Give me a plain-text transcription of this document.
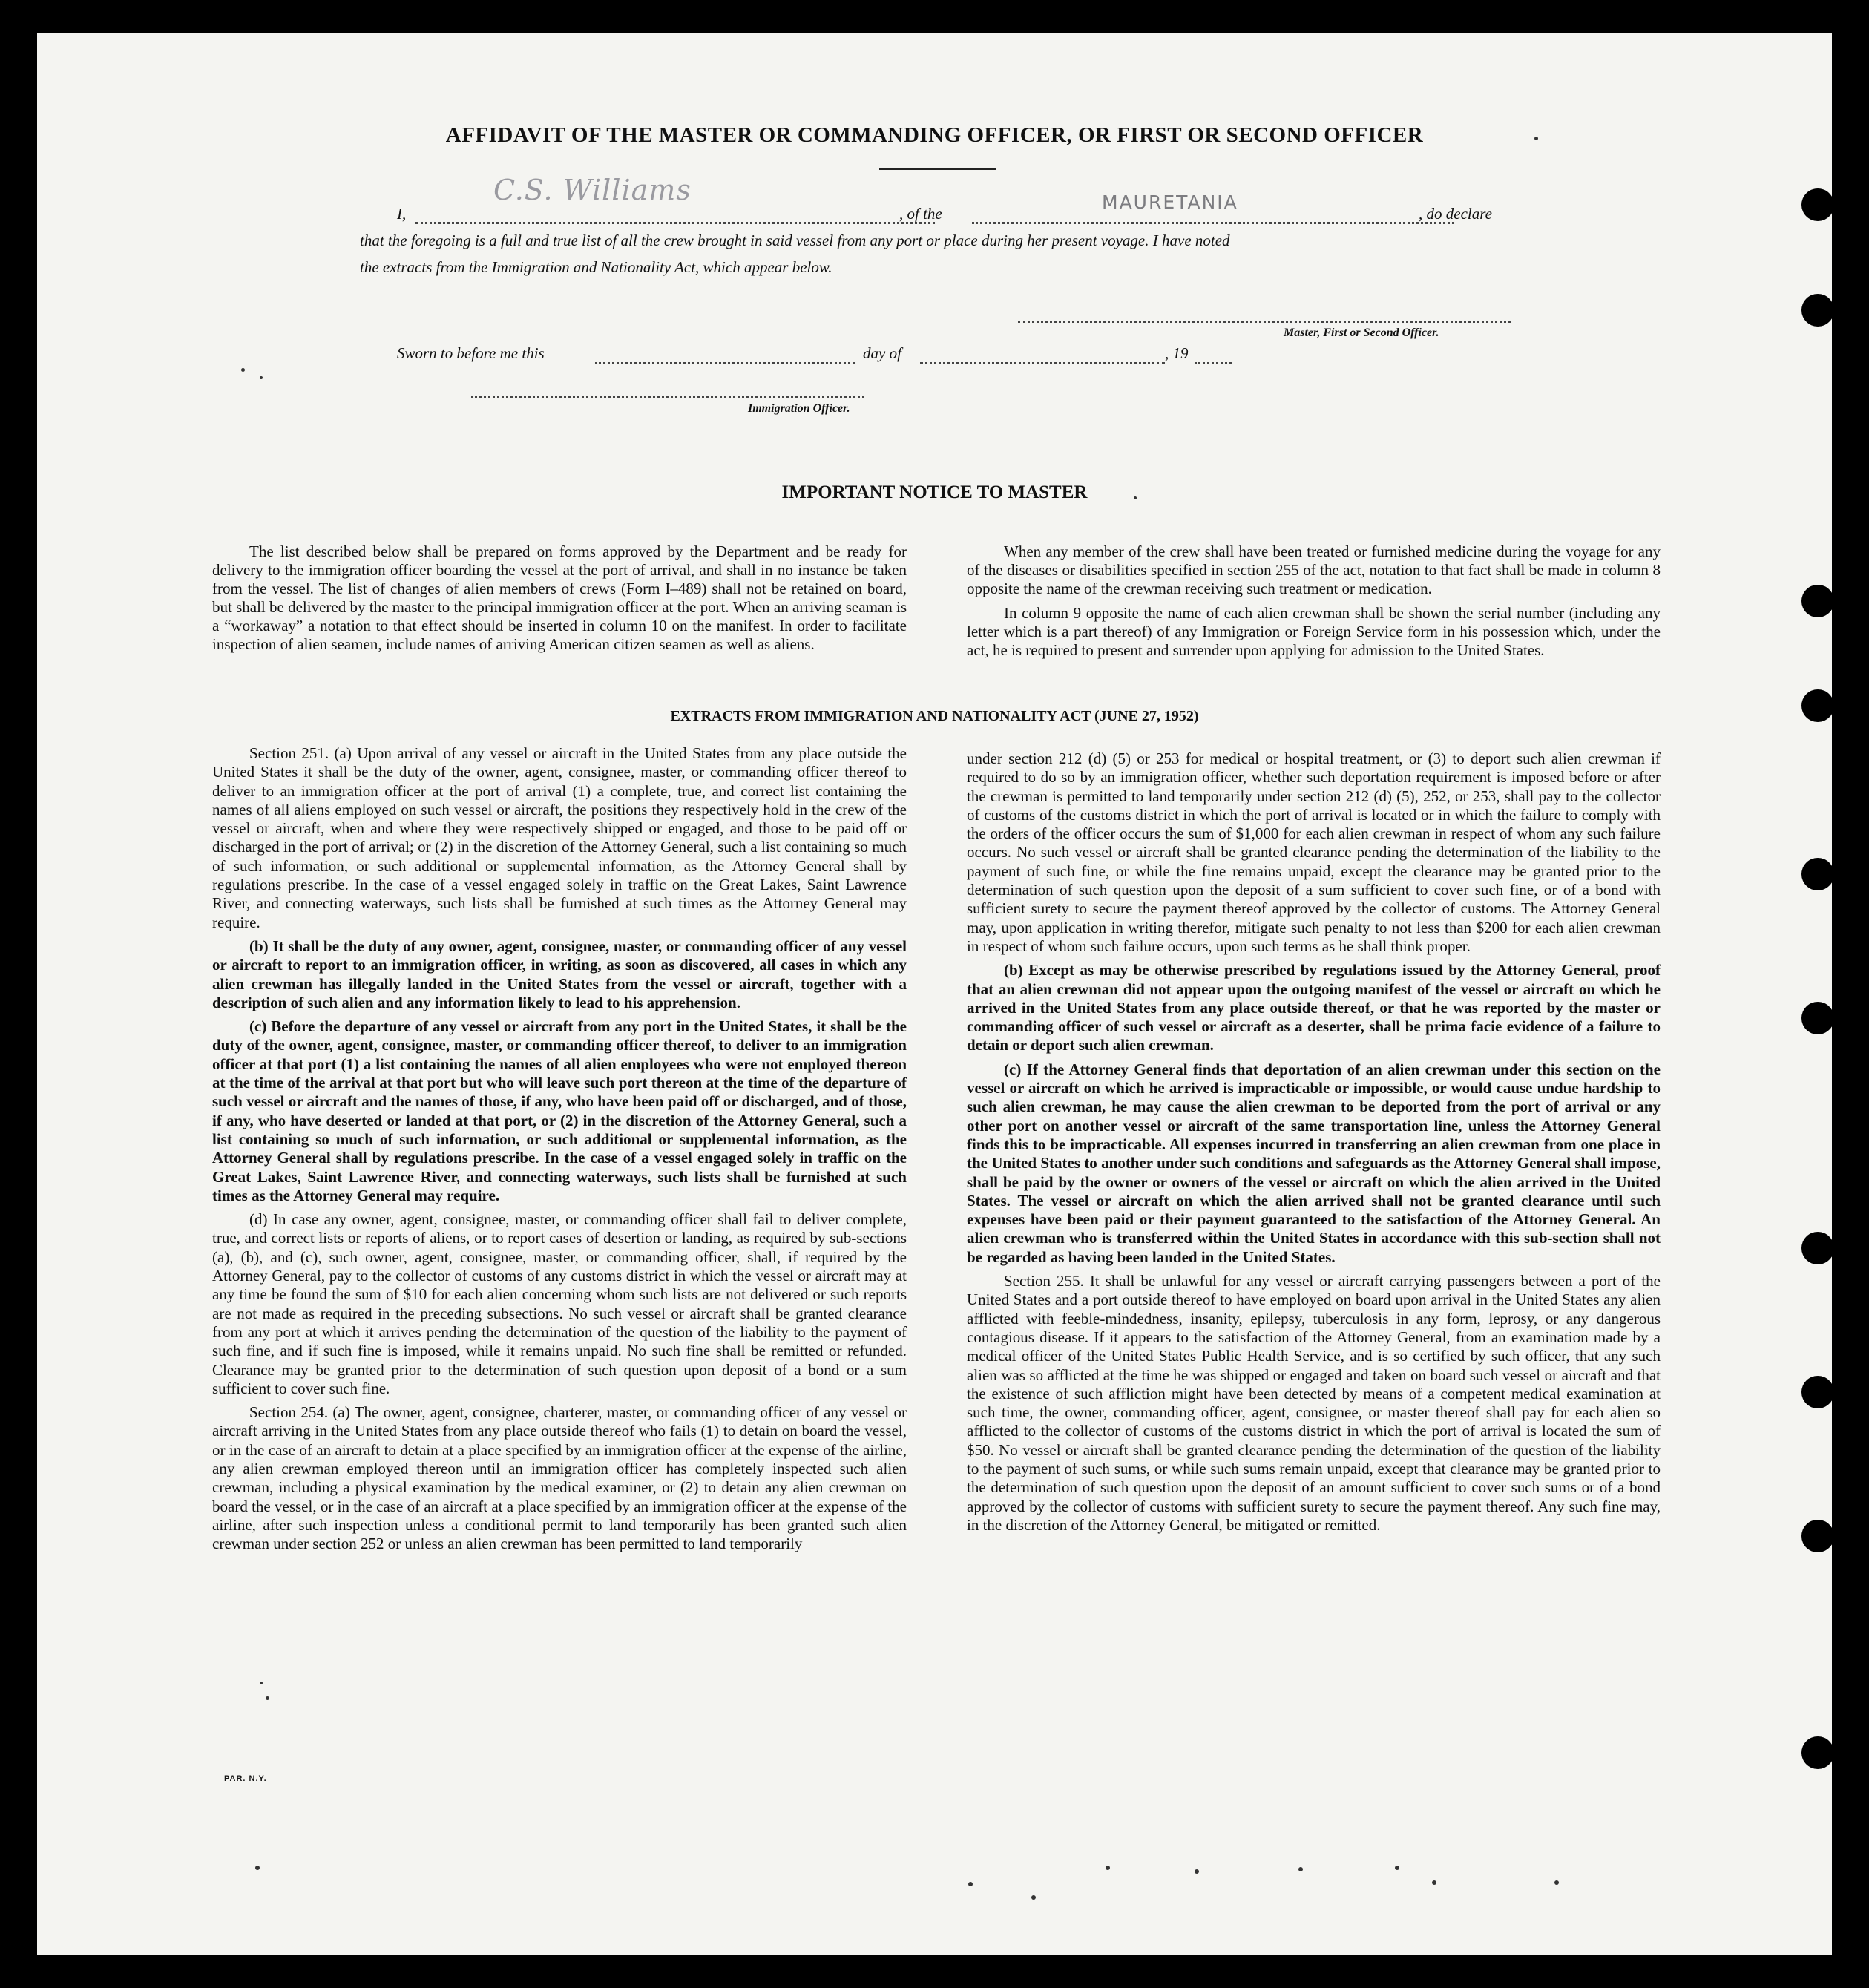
AFFIDAVIT OF THE MASTER OR COMMANDING OFFICER, OR FIRST OR SECOND OFFICER
I,
C.S. Williams
, of the
MAURETANIA
, do declare
that the foregoing is a full and true list of all the crew brought in said vessel from any port or place during her present voyage. I have noted
the extracts from the Immigration and Nationality Act, which appear below.
Master, First or Second Officer.
Sworn to before me this	day of	, 19
Immigration Officer.
IMPORTANT NOTICE TO MASTER

The list described below shall be prepared on forms approved by the Department and be ready for delivery to the immigration officer boarding the vessel at the port of arrival, and shall in no instance be taken from the vessel. The list of changes of alien members of crews (Form I–489) shall not be retained on board, but shall be delivered by the master to the principal immigration officer at the port. When an arriving seaman is a “workaway” a notation to that effect should be inserted in column 10 on the manifest. In order to facilitate inspection of alien seamen, include names of arriving American citizen seamen as well as aliens.

When any member of the crew shall have been treated or furnished medicine during the voyage for any of the diseases or disabilities specified in section 255 of the act, notation to that fact shall be made in column 8 opposite the name of the crewman receiving such treatment or medication.

In column 9 opposite the name of each alien crewman shall be shown the serial number (including any letter which is a part thereof) of any Immigration or Foreign Service form in his possession which, under the act, he is required to present and surrender upon applying for admission to the United States.

EXTRACTS FROM IMMIGRATION AND NATIONALITY ACT (JUNE 27, 1952)

Section 251. (a) Upon arrival of any vessel or aircraft in the United States from any place outside the United States it shall be the duty of the owner, agent, consignee, master, or commanding officer thereof to deliver to an immigration officer at the port of arrival (1) a complete, true, and correct list containing the names of all aliens employed on such vessel or aircraft, the positions they respectively hold in the crew of the vessel or aircraft, when and where they were respectively shipped or engaged, and those to be paid off or discharged in the port of arrival; or (2) in the discretion of the Attorney General, such a list containing so much of such information, or such additional or supplemental information, as the Attorney General shall by regulations prescribe. In the case of a vessel engaged solely in traffic on the Great Lakes, Saint Lawrence River, and connecting waterways, such lists shall be furnished at such times as the Attorney General may require.

(b) It shall be the duty of any owner, agent, consignee, master, or commanding officer of any vessel or aircraft to report to an immigration officer, in writing, as soon as discovered, all cases in which any alien crewman has illegally landed in the United States from the vessel or aircraft, together with a description of such alien and any information likely to lead to his apprehension.

(c) Before the departure of any vessel or aircraft from any port in the United States, it shall be the duty of the owner, agent, consignee, master, or commanding officer thereof, to deliver to an immigration officer at that port (1) a list containing the names of all alien employees who were not employed thereon at the time of the arrival at that port but who will leave such port thereon at the time of the departure of such vessel or aircraft and the names of those, if any, who have been paid off or discharged, and of those, if any, who have deserted or landed at that port, or (2) in the discretion of the Attorney General, such a list containing so much of such information, or such additional or supplemental information, as the Attorney General shall by regulations prescribe. In the case of a vessel engaged solely in traffic on the Great Lakes, Saint Lawrence River, and connecting waterways, such lists shall be furnished at such times as the Attorney General may require.

(d) In case any owner, agent, consignee, master, or commanding officer shall fail to deliver complete, true, and correct lists or reports of aliens, or to report cases of desertion or landing, as required by sub-sections (a), (b), and (c), such owner, agent, consignee, master, or commanding officer, shall, if required by the Attorney General, pay to the collector of customs of any customs district in which the vessel or aircraft may at any time be found the sum of $10 for each alien concerning whom such lists are not delivered or such reports are not made as required in the preceding subsections. No such vessel or aircraft shall be granted clearance from any port at which it arrives pending the determination of the question of the liability to the payment of such fine, and if such fine is imposed, while it remains unpaid. No such fine shall be remitted or refunded. Clearance may be granted prior to the determination of such question upon deposit of a bond or a sum sufficient to cover such fine.

Section 254. (a) The owner, agent, consignee, charterer, master, or commanding officer of any vessel or aircraft arriving in the United States from any place outside thereof who fails (1) to detain on board the vessel, or in the case of an aircraft to detain at a place specified by an immigration officer at the expense of the airline, any alien crewman employed thereon until an immigration officer has completely inspected such alien crewman, including a physical examination by the medical examiner, or (2) to detain any alien crewman on board the vessel, or in the case of an aircraft at a place specified by an immigration officer at the expense of the airline, after such inspection unless a conditional permit to land temporarily has been granted such alien crewman under section 252 or unless an alien crewman has been permitted to land temporarily

under section 212 (d) (5) or 253 for medical or hospital treatment, or (3) to deport such alien crewman if required to do so by an immigration officer, whether such deportation requirement is imposed before or after the crewman is permitted to land temporarily under section 212 (d) (5), 252, or 253, shall pay to the collector of customs of the customs district in which the port of arrival is located or in which the failure to comply with the orders of the officer occurs the sum of $1,000 for each alien crewman in respect of whom any such failure occurs. No such vessel or aircraft shall be granted clearance pending the determination of the liability to the payment of such fine, or while the fine remains unpaid, except the clearance may be granted prior to the determination of such question upon the deposit of a sum sufficient to cover such fine, or of a bond with sufficient surety to secure the payment thereof approved by the collector of customs. The Attorney General may, upon application in writing therefor, mitigate such penalty to not less than $200 for each alien crewman in respect of whom such failure occurs, upon such terms as he shall think proper.

(b) Except as may be otherwise prescribed by regulations issued by the Attorney General, proof that an alien crewman did not appear upon the outgoing manifest of the vessel or aircraft on which he arrived in the United States from any place outside thereof, or that he was reported by the master or commanding officer of such vessel or aircraft as a deserter, shall be prima facie evidence of a failure to detain or deport such alien crewman.

(c) If the Attorney General finds that deportation of an alien crewman under this section on the vessel or aircraft on which he arrived is impracticable or impossible, or would cause undue hardship to such alien crewman, he may cause the alien crewman to be deported from the port of arrival or any other port on another vessel or aircraft of the same transportation line, unless the Attorney General finds this to be impracticable. All expenses incurred in transferring an alien crewman from one place in the United States to another under such conditions and safeguards as the Attorney General shall impose, shall be paid by the owner or owners of the vessel or aircraft on which the alien arrived in the United States. The vessel or aircraft on which the alien arrived shall not be granted clearance until such expenses have been paid or their payment guaranteed to the satisfaction of the Attorney General. An alien crewman who is transferred within the United States in accordance with this sub-section shall not be regarded as having been landed in the United States.

Section 255. It shall be unlawful for any vessel or aircraft carrying passengers between a port of the United States and a port outside thereof to have employed on board upon arrival in the United States any alien afflicted with feeble-mindedness, insanity, epilepsy, tuberculosis in any form, leprosy, or any dangerous contagious disease. If it appears to the satisfaction of the Attorney General, from an examination made by a medical officer of the United States Public Health Service, and is so certified by such officer, that any such alien was so afflicted at the time he was shipped or engaged and taken on board such vessel or aircraft and that the existence of such affliction might have been detected by means of a competent medical examination at such time, the owner, commanding officer, agent, consignee, or master thereof shall pay for each alien so afflicted to the collector of customs of the customs district in which the port of arrival is located the sum of $50. No vessel or aircraft shall be granted clearance pending the determination of the question of the liability to the payment of such sums, or while such sums remain unpaid, except that clearance may be granted prior to the determination of such question upon the deposit of an amount sufficient to cover such sums or of a bond approved by the collector of customs with sufficient surety to secure the payment thereof. Any such fine may, in the discretion of the Attorney General, be mitigated or remitted.

PAR. N.Y.
